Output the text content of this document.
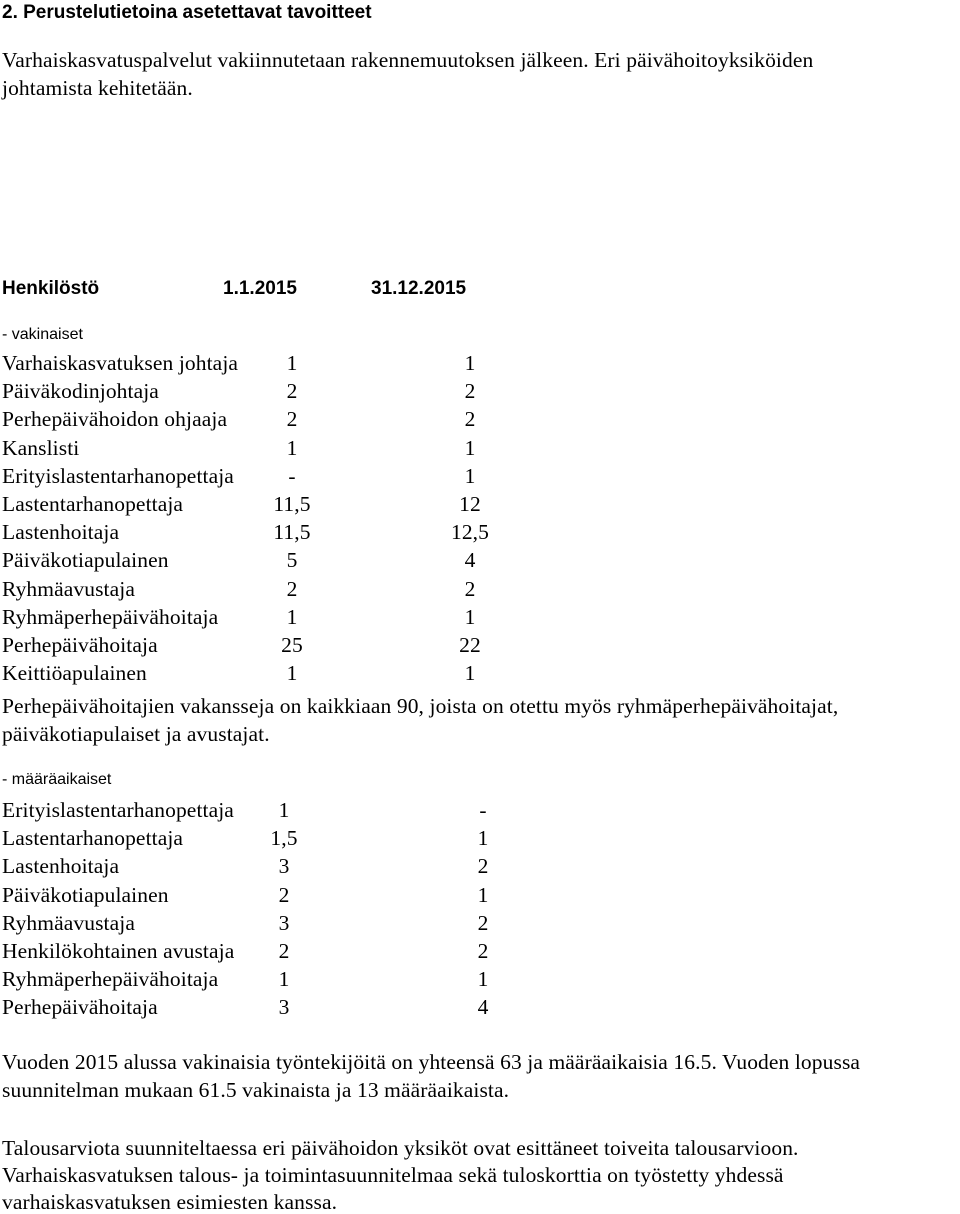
2. Perustelutietoina asetettavat tavoitteet
Varhaiskasvatuspalvelut vakiinnutetaan rakennemuutoksen jälkeen. Eri päivähoitoyksiköiden
johtamista kehitetään.
Henkilöstö	1.1.2015	31.12.2015
- vakinaiset
Varhaiskasvatuksen johtaja	1	1
Päiväkodinjohtaja	2	2
Perhepäivähoidon ohjaaja	2	2
Kanslisti	1	1
Erityislastentarhanopettaja	-	1
Lastentarhanopettaja	11,5	12
Lastenhoitaja	11,5	12,5
Päiväkotiapulainen	5	4
Ryhmäavustaja	2	2
Ryhmäperhepäivähoitaja	1	1
Perhepäivähoitaja	25	22
Keittiöapulainen	1	1
Perhepäivähoitajien vakansseja on kaikkiaan 90, joista on otettu myös ryhmäperhepäivähoitajat,
päiväkotiapulaiset ja avustajat.
- määräaikaiset
Erityislastentarhanopettaja	1	-
Lastentarhanopettaja	1,5	1
Lastenhoitaja	3	2
Päiväkotiapulainen	2	1
Ryhmäavustaja	3	2
Henkilökohtainen avustaja	2	2
Ryhmäperhepäivähoitaja	1	1
Perhepäivähoitaja	3	4
Vuoden 2015 alussa vakinaisia työntekijöitä on yhteensä 63 ja määräaikaisia 16.5. Vuoden lopussa
suunnitelman mukaan 61.5 vakinaista ja 13 määräaikaista.
Talousarviota suunniteltaessa eri päivähoidon yksiköt ovat esittäneet toiveita talousarvioon.
Varhaiskasvatuksen talous- ja toimintasuunnitelmaa sekä tuloskorttia on työstetty yhdessä
varhaiskasvatuksen esimiesten kanssa.
